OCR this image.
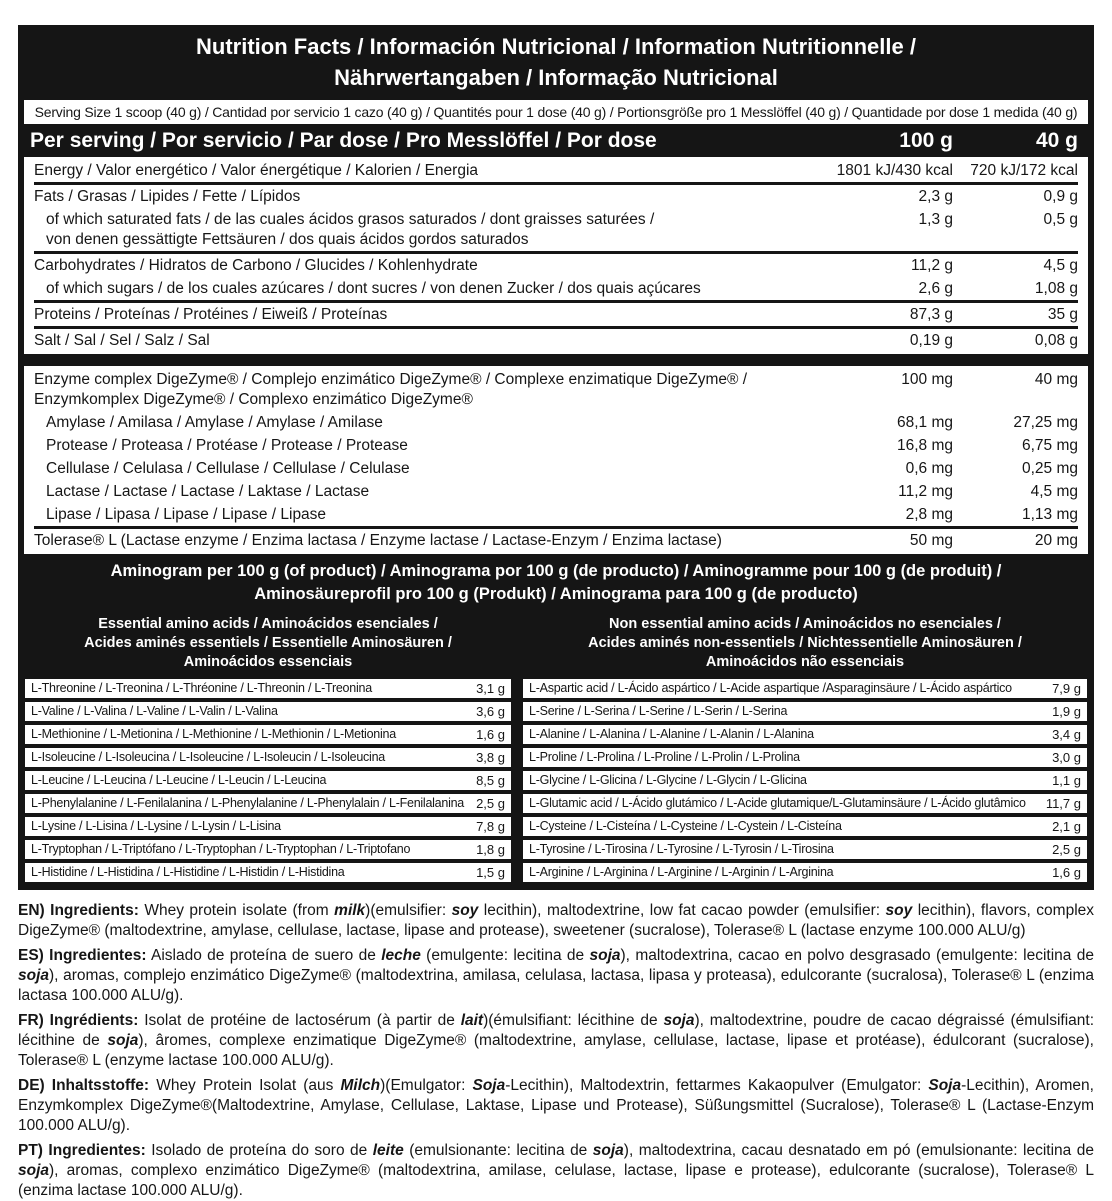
Nutrition Facts / Información Nutricional / Information Nutritionnelle /
Nährwertangaben / Informação Nutricional
Serving Size 1 scoop (40 g) / Cantidad por servicio 1 cazo (40 g) / Quantités pour 1 dose (40 g) / Portionsgröße pro 1 Messlöffel (40 g) / Quantidade por dose 1 medida (40 g)
Per serving / Por servicio / Par dose / Pro Messlöffel / Por dose	100 g	40 g
Energy / Valor energético / Valor énergétique / Kalorien / Energia	1801 kJ/430 kcal	720 kJ/172 kcal
Fats / Grasas / Lipides / Fette / Lípidos	2,3 g	0,9 g
of which saturated fats / de las cuales ácidos grasos saturados / dont graisses saturées /
von denen gessättigte Fettsäuren / dos quais ácidos gordos saturados
1,3 g	0,5 g
Carbohydrates / Hidratos de Carbono / Glucides / Kohlenhydrate	11,2 g	4,5 g
of which sugars / de los cuales azúcares / dont sucres / von denen Zucker / dos quais açúcares	2,6 g	1,08 g
Proteins / Proteínas / Protéines / Eiweiß / Proteínas	87,3 g	35 g
Salt / Sal / Sel / Salz / Sal	0,19 g	0,08 g
Enzyme complex DigeZyme® / Complejo enzimático DigeZyme® / Complexe enzimatique DigeZyme® /
Enzymkomplex DigeZyme® / Complexo enzimático DigeZyme®
100 mg	40 mg
Amylase / Amilasa / Amylase / Amylase / Amilase	68,1 mg	27,25 mg
Protease / Proteasa / Protéase / Protease / Protease	16,8 mg	6,75 mg
Cellulase / Celulasa / Cellulase / Cellulase / Celulase	0,6 mg	0,25 mg
Lactase / Lactase / Lactase / Laktase / Lactase	11,2 mg	4,5 mg
Lipase / Lipasa / Lipase / Lipase / Lipase	2,8 mg	1,13 mg
Tolerase® L (Lactase enzyme / Enzima lactasa / Enzyme lactase / Lactase-Enzym / Enzima lactase)	50 mg	20 mg
Aminogram per 100 g (of product) / Aminograma por 100 g (de producto) / Aminogramme pour 100 g (de produit) /
Aminosäureprofil pro 100 g (Produkt) / Aminograma para 100 g (de producto)
Essential amino acids / Aminoácidos esenciales /
Acides aminés essentiels / Essentielle Aminosäuren /
Aminoácidos essenciais
Non essential amino acids / Aminoácidos no esenciales /
Acides aminés non-essentiels / Nichtessentielle Aminosäuren /
Aminoácidos não essenciais
L-Threonine / L-Treonina / L-Thréonine / L-Threonin / L-Treonina	3,1 g
L-Valine / L-Valina / L-Valine / L-Valin / L-Valina	3,6 g
L-Methionine / L-Metionina / L-Methionine / L-Methionin / L-Metionina	1,6 g
L-Isoleucine / L-Isoleucina / L-Isoleucine / L-Isoleucin / L-Isoleucina	3,8 g
L-Leucine / L-Leucina / L-Leucine / L-Leucin / L-Leucina	8,5 g
L-Phenylalanine / L-Fenilalanina / L-Phenylalanine / L-Phenylalain / L-Fenilalanina 2,5 g
L-Lysine / L-Lisina / L-Lysine / L-Lysin / L-Lisina	7,8 g
L-Tryptophan / L-Triptófano / L-Tryptophan / L-Tryptophan / L-Triptofano	1,8 g
L-Histidine / L-Histidina / L-Histidine / L-Histidin / L-Histidina	1,5 g
L-Aspartic acid / L-Ácido aspártico / L-Acide aspartique /Asparaginsäure / L-Ácido aspártico	7,9 g
L-Serine / L-Serina / L-Serine / L-Serin / L-Serina	1,9 g
L-Alanine / L-Alanina / L-Alanine / L-Alanin / L-Alanina	3,4 g
L-Proline / L-Prolina / L-Proline / L-Prolin / L-Prolina	3,0 g
L-Glycine / L-Glicina / L-Glycine / L-Glycin / L-Glicina	1,1 g
L-Glutamic acid / L-Ácido glutámico / L-Acide glutamique/L-Glutaminsäure / L-Ácido glutâmico	11,7 g
L-Cysteine / L-Cisteína / L-Cysteine / L-Cystein / L-Cisteína	2,1 g
L-Tyrosine / L-Tirosina / L-Tyrosine / L-Tyrosin / L-Tirosina	2,5 g
L-Arginine / L-Arginina / L-Arginine / L-Arginin / L-Arginina	1,6 g

EN) Ingredients: Whey protein isolate (from milk)(emulsifier: soy lecithin), maltodextrine, low fat cacao powder (emulsifier: soy lecithin), flavors, complex DigeZyme® (maltodextrine, amylase, cellulase, lactase, lipase and protease), sweetener (sucralose), Tolerase® L (lactase enzyme 100.000 ALU/g)

ES) Ingredientes: Aislado de proteína de suero de leche (emulgente: lecitina de soja), maltodextrina, cacao en polvo desgrasado (emulgente: lecitina de soja), aromas, complejo enzimático DigeZyme® (maltodextrina, amilasa, celulasa, lactasa, lipasa y proteasa), edulcorante (sucralosa), Tolerase® L (enzima lactasa 100.000 ALU/g).

FR) Ingrédients: Isolat de protéine de lactosérum (à partir de lait)(émulsifiant: lécithine de soja), maltodextrine, poudre de cacao dégraissé (émulsifiant: lécithine de soja), âromes, complexe enzimatique DigeZyme® (maltodextrine, amylase, cellulase, lactase, lipase et protéase), édulcorant (sucralose), Tolerase® L (enzyme lactase 100.000 ALU/g).

DE) Inhaltsstoffe: Whey Protein Isolat (aus Milch)(Emulgator: Soja-Lecithin), Maltodextrin, fettarmes Kakaopulver (Emulgator: Soja-Lecithin), Aromen, Enzymkomplex DigeZyme®(Maltodextrine, Amylase, Cellulase, Laktase, Lipase und Protease), Süßungsmittel (Sucralose), Tolerase® L (Lactase-Enzym 100.000 ALU/g).

PT) Ingredientes: Isolado de proteína do soro de leite (emulsionante: lecitina de soja), maltodextrina, cacau desnatado em pó (emulsionante: lecitina de soja), aromas, complexo enzimático DigeZyme® (maltodextrina, amilase, celulase, lactase, lipase e protease), edulcorante (sucralose), Tolerase® L (enzima lactase 100.000 ALU/g).
